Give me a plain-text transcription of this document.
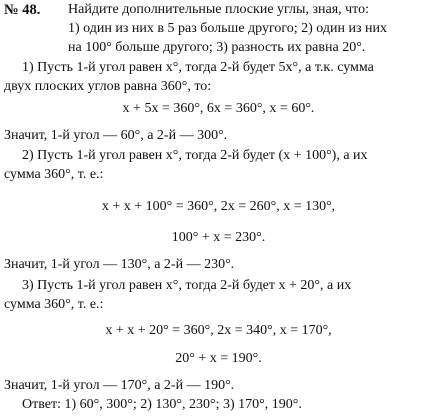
№ 48. Найдите дополнительные плоские углы, зная, что:
1) один из них в 5 раз больше другого; 2) один из них
на 100° больше другого; 3) разность их равна 20°.
1) Пусть 1-й угол равен x°, тогда 2-й будет 5x°, а т.к. сумма
двух плоских углов равна 360°, то:
x + 5x = 360°, 6x = 360°, x = 60°.
Значит, 1-й угол — 60°, а 2-й — 300°.
2) Пусть 1-й угол равен x°, тогда 2-й будет (x + 100°), а их
сумма 360°, т. е.:
x + x + 100° = 360°, 2x = 260°, x = 130°,
100° + x = 230°.
Значит, 1-й угол — 130°, а 2-й — 230°.
3) Пусть 1-й угол равен x°, тогда 2-й будет x + 20°, а их
сумма 360°, т. е.:
x + x + 20° = 360°, 2x = 340°, x = 170°,
20° + x = 190°.
Значит, 1-й угол — 170°, а 2-й — 190°.
Ответ: 1) 60°, 300°; 2) 130°, 230°; 3) 170°, 190°.
